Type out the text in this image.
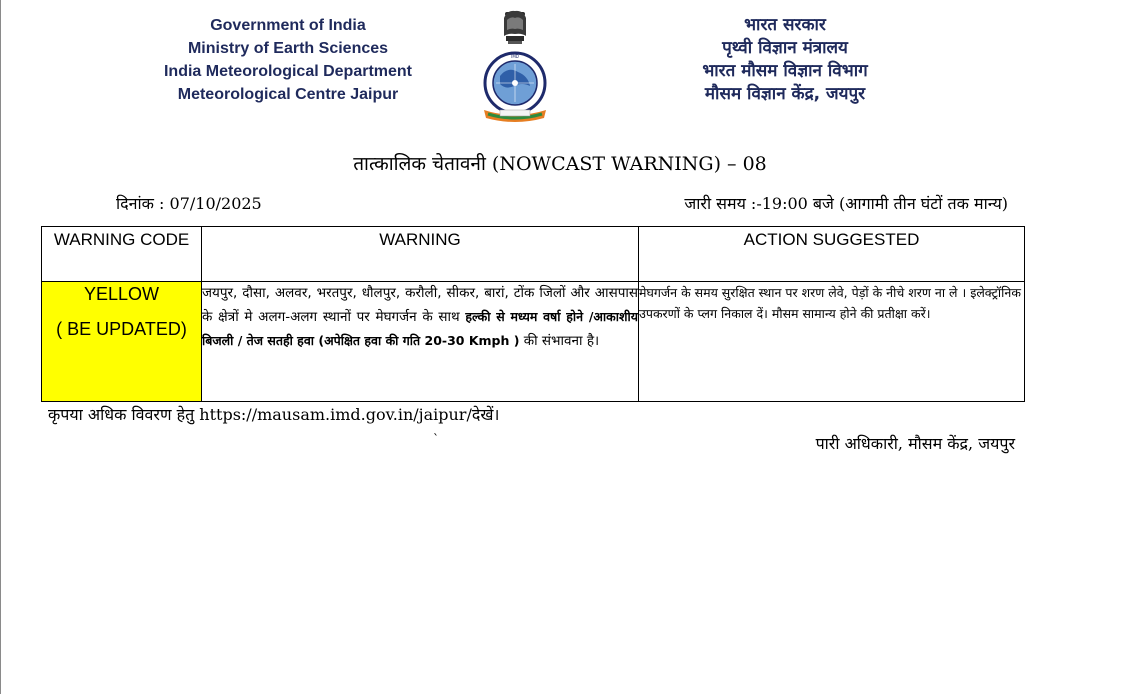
Government of India
Ministry of Earth Sciences
India Meteorological Department
Meteorological Centre Jaipur
IMD
भारत सरकार
पृथ्वी विज्ञान मंत्रालय
भारत मौसम विज्ञान विभाग
मौसम विज्ञान केंद्र, जयपुर
तात्कालिक चेतावनी (NOWCAST WARNING) – 08
दिनांक : 07/10/2025	जारी समय :-19:00 बजे (आगामी तीन घंटों तक मान्य)
WARNING CODE	WARNING	ACTION SUGGESTED

YELLOW
( BE UPDATED)	जयपुर, दौसा, अलवर, भरतपुर, धौलपुर, करौली, सीकर, बारां, टोंक जिलों और आसपास के क्षेत्रों मे अलग-अलग स्थानों पर मेघगर्जन के साथ हल्की से मध्यम वर्षा होने /आकाशीय बिजली / तेज सतही हवा (अपेक्षित हवा की गति 20-30 Kmph ) की संभावना है।	मेघगर्जन के समय सुरक्षित स्थान पर शरण लेवे, पेड़ों के नीचे शरण ना ले । इलेक्ट्रॉनिक उपकरणों के प्लग निकाल दें। मौसम सामान्य होने की प्रतीक्षा करें।
कृपया अधिक विवरण हेतु https://mausam.imd.gov.in/jaipur/देखें।
`	पारी अधिकारी, मौसम केंद्र, जयपुर
